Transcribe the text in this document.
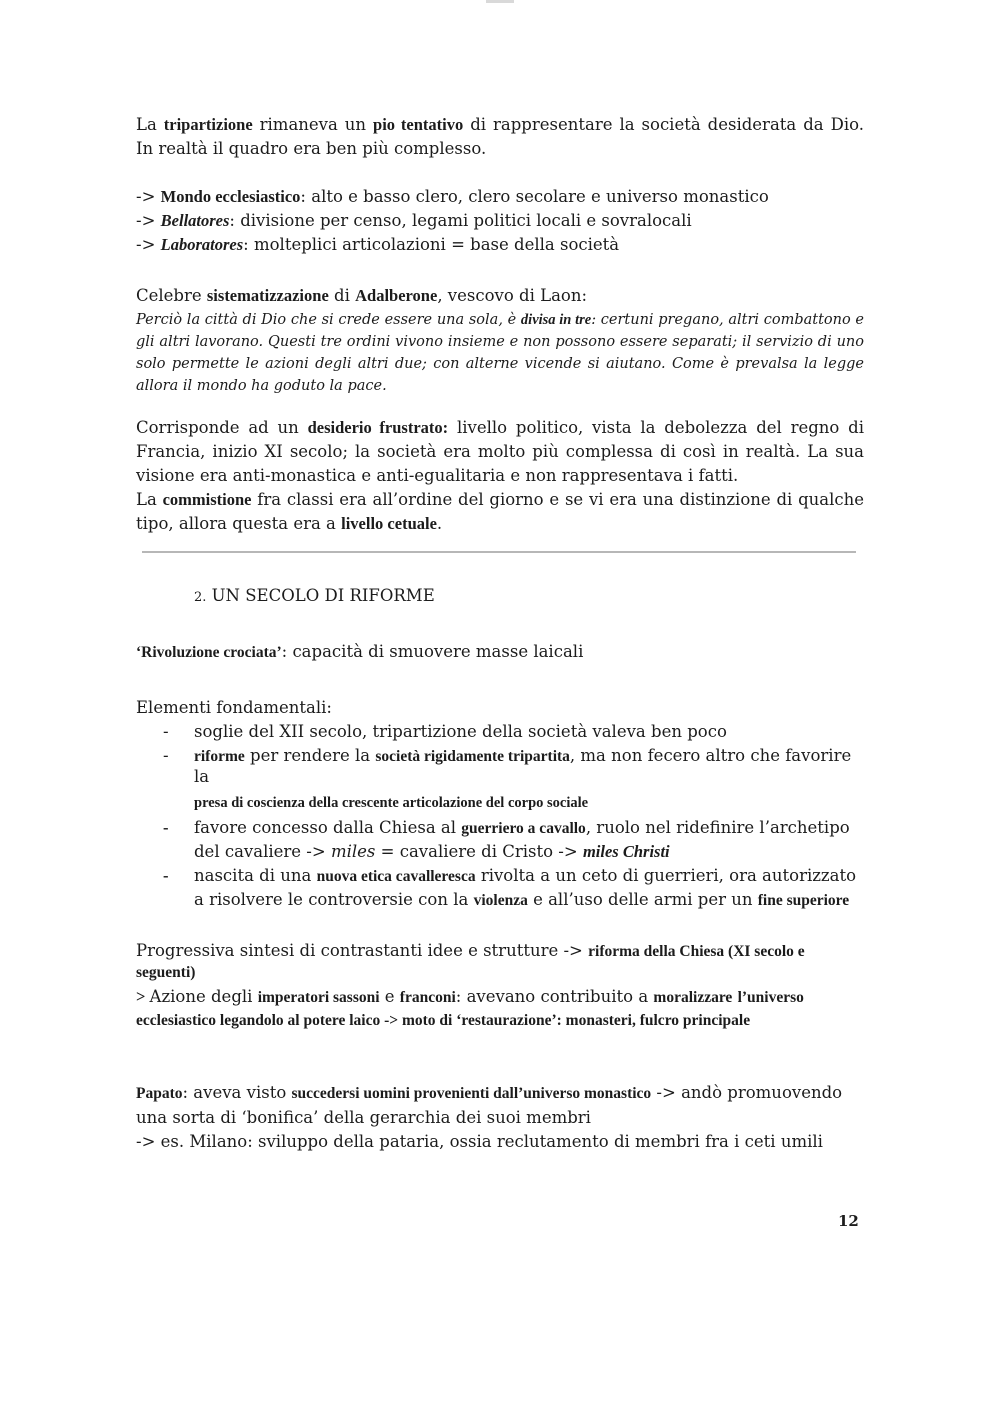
La tripartizione rimaneva un pio tentativo di rappresentare la società desiderata da Dio. In realtà il quadro era ben più complesso.

-> Mondo ecclesiastico: alto e basso clero, clero secolare e universo monastico

-> Bellatores: divisione per censo, legami politici locali e sovralocali

-> Laboratores: molteplici articolazioni = base della società

Celebre sistematizzazione di Adalberone, vescovo di Laon:

Perciò la città di Dio che si crede essere una sola, è divisa in tre: certuni pregano, altri combattono e gli altri lavorano. Questi tre ordini vivono insieme e non possono essere separati; il servizio di uno solo permette le azioni degli altri due; con alterne vicende si aiutano. Come è prevalsa la legge allora il mondo ha goduto la pace.

Corrisponde ad un desiderio frustrato: livello politico, vista la debolezza del regno di Francia, inizio XI secolo; la società era molto più complessa di così in realtà. La sua visione era anti-monastica e anti-egualitaria e non rappresentava i fatti.

La commistione fra classi era all’ordine del giorno e se vi era una distinzione di qualche tipo, allora questa era a livello cetuale.

2. UN SECOLO DI RIFORME

‘Rivoluzione crociata’: capacità di smuovere masse laicali

Elementi fondamentali:

- soglie del XII secolo, tripartizione della società valeva ben poco
- riforme per rendere la società rigidamente tripartita, ma non fecero altro che favorire la
presa di coscienza della crescente articolazione del corpo sociale
- favore concesso dalla Chiesa al guerriero a cavallo, ruolo nel ridefinire l’archetipo
del cavaliere -> miles = cavaliere di Cristo -> miles Christi
- nascita di una nuova etica cavalleresca rivolta a un ceto di guerrieri, ora autorizzato
a risolvere le controversie con la violenza e all’uso delle armi per un fine superiore

Progressiva sintesi di contrastanti idee e strutture -> riforma della Chiesa (XI secolo e seguenti)

> Azione degli imperatori sassoni e franconi: avevano contribuito a moralizzare l’universo ecclesiastico legandolo al potere laico -> moto di ‘restaurazione’: monasteri, fulcro principale

Papato: aveva visto succedersi uomini provenienti dall’universo monastico -> andò promuovendo una sorta di ‘bonifica’ della gerarchia dei suoi membri
-> es. Milano: sviluppo della pataria, ossia reclutamento di membri fra i ceti umili

12
